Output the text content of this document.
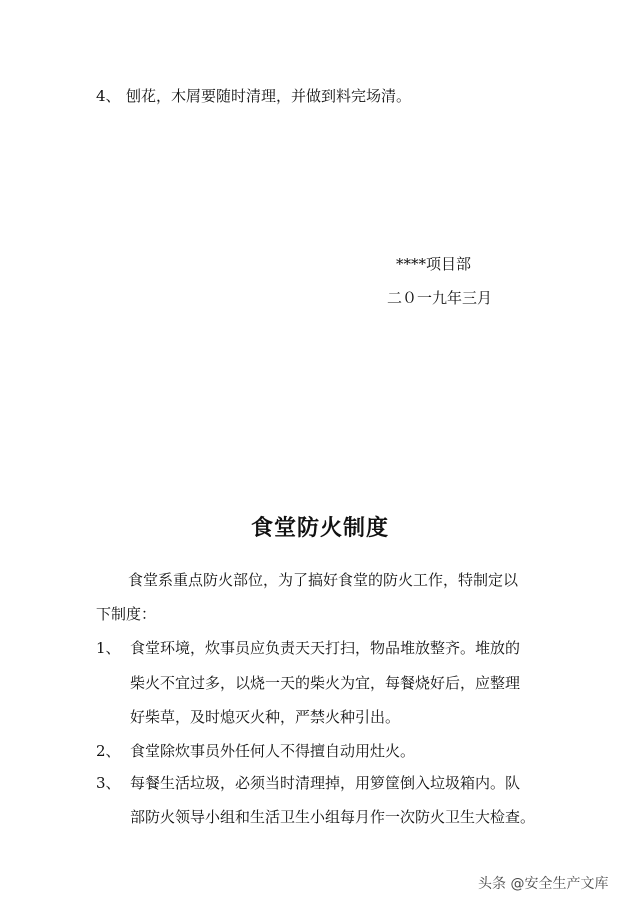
4、 刨花，木屑要随时清理，并做到料完场清。
****项目部
二０一九年三月
食堂防火制度
食堂系重点防火部位，为了搞好食堂的防火工作，特制定以
下制度：
1、 食堂环境，炊事员应负责天天打扫，物品堆放整齐。堆放的
柴火不宜过多，以烧一天的柴火为宜，每餐烧好后，应整理
好柴草，及时熄灭火种，严禁火种引出。
2、 食堂除炊事员外任何人不得擅自动用灶火。
3、 每餐生活垃圾，必须当时清理掉，用箩筐倒入垃圾箱内。队
部防火领导小组和生活卫生小组每月作一次防火卫生大检查。
头条 @安全生产文库
